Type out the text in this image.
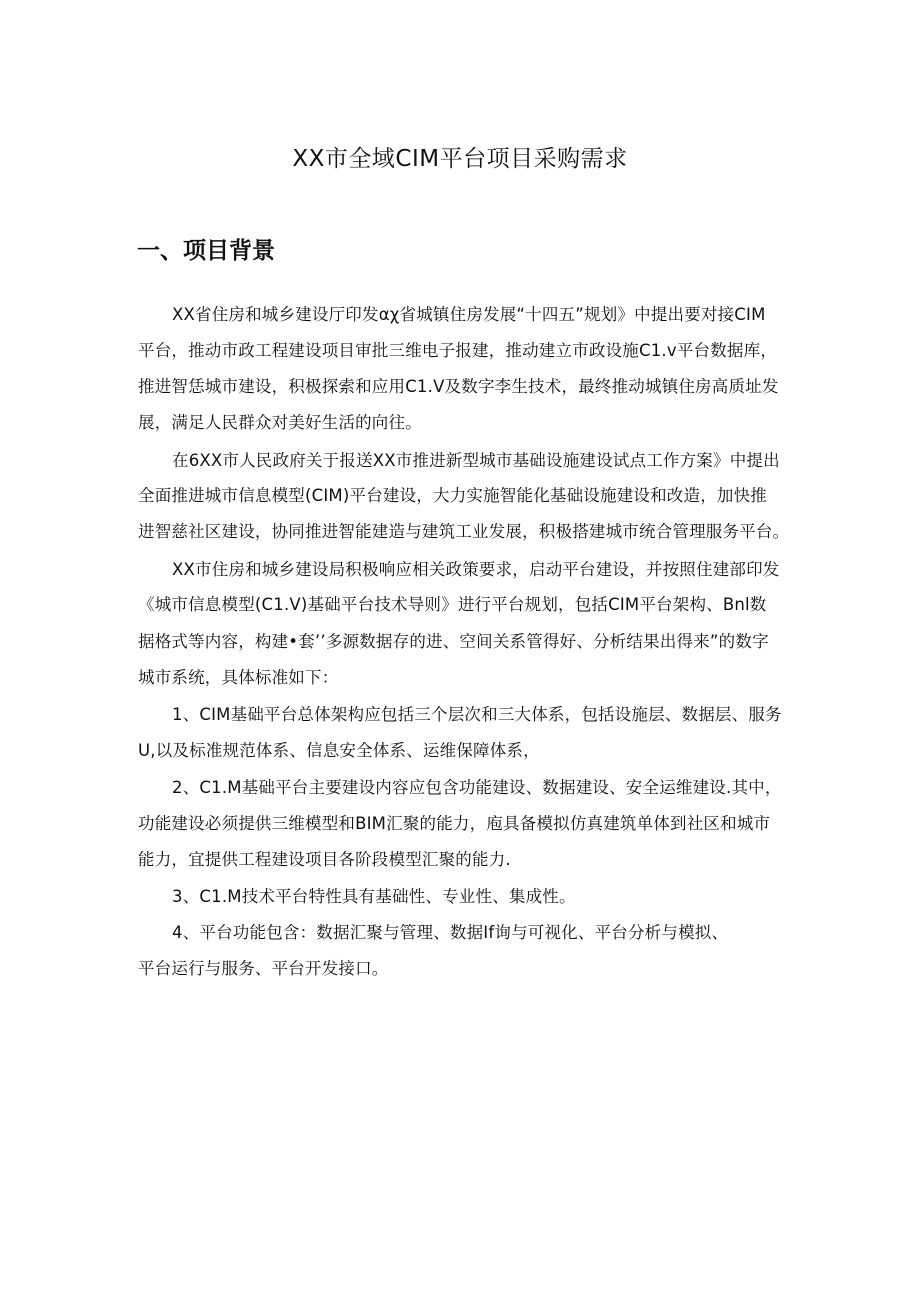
XX市全域CIM平台项目采购需求
一、项目背景
XX省住房和城乡建设厅印发αχ省城镇住房发展“十四五”规划》中提出要对接CIM
平台，推动市政工程建设项目审批三维电子报建，推动建立市政设施C1.v平台数据库，
推进智恁城市建设，积极探索和应用C1.V及数字李生技术，最终推动城镇住房高质址发
展，满足人民群众对美好生活的向往。
在6XX市人民政府关于报送XX市推进新型城市基础设施建设试点工作方案》中提出
全面推进城市信息模型(CIM)平台建设，大力实施智能化基础设施建设和改造，加快推
进智慈社区建设，协同推进智能建造与建筑工业发展，积极搭建城市统合管理服务平台。
XX市住房和城乡建设局积极响应相关政策要求，启动平台建设，并按照住建部印发
《城市信息模型(C1.V)基础平台技术导则》进行平台规划，包括CIM平台架构、Bnl数
据格式等内容，构建•套’’多源数据存的进、空间关系管得好、分析结果出得来”的数字
城市系统，具体标准如下：
1、CIM基础平台总体架构应包括三个层次和三大体系，包括设施层、数据层、服务
U,以及标准规范体系、信息安全体系、运维保障体系，
2、C1.M基础平台主要建设内容应包含功能建设、数据建设、安全运维建设.其中，
功能建设必须提供三维模型和BIM汇聚的能力，庖具备模拟仿真建筑单体到社区和城市
能力，宜提供工程建设项目各阶段模型汇聚的能力.
3、C1.M技术平台特性具有基础性、专业性、集成性。
4、平台功能包含：数据汇聚与管理、数据If询与可视化、平台分析与模拟、
平台运行与服务、平台开发接口。
